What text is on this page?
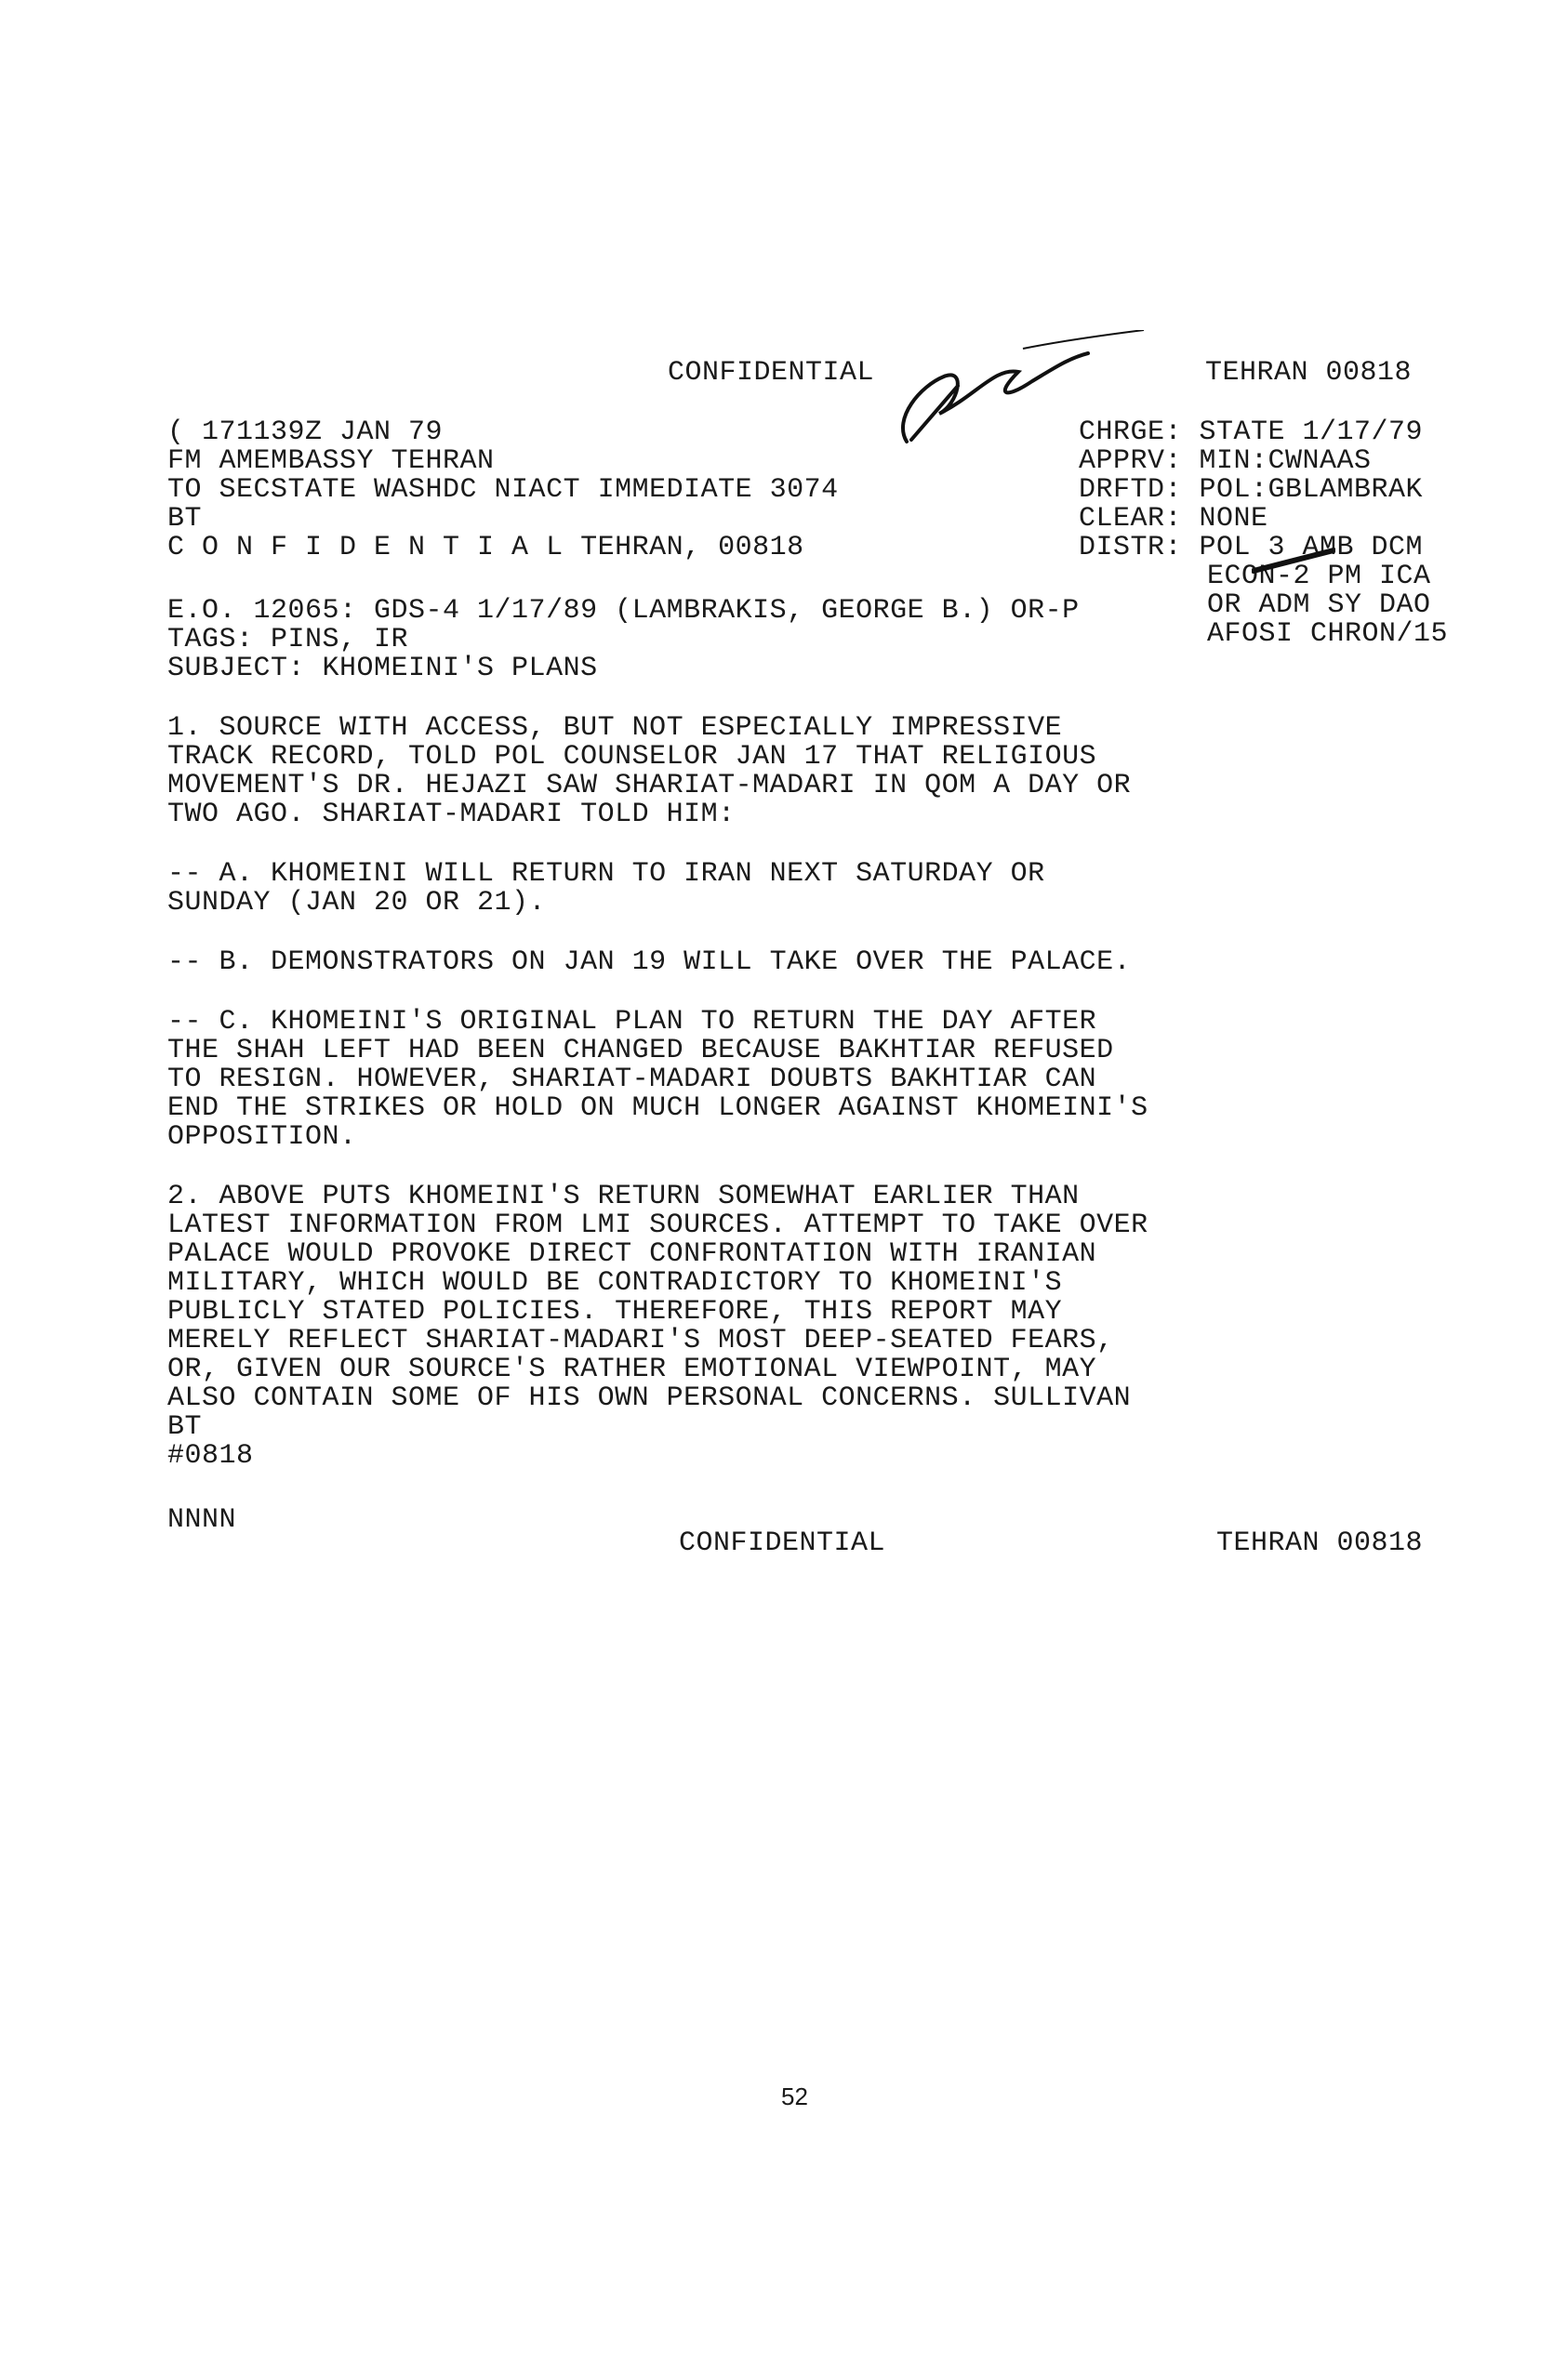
CONFIDENTIAL	TEHRAN 00818
( 171139Z JAN 79
FM AMEMBASSY TEHRAN
TO SECSTATE WASHDC NIACT IMMEDIATE 3074
BT
C O N F I D E N T I A L TEHRAN, 00818
CHRGE: STATE 1/17/79
APPRV: MIN:CWNAAS
DRFTD: POL:GBLAMBRAK
CLEAR: NONE
DISTR: POL 3 AMB DCM
ECON-2 PM ICA
OR ADM SY DAO
AFOSI CHRON/15
E.O. 12065: GDS-4 1/17/89 (LAMBRAKIS, GEORGE B.) OR-P
TAGS: PINS, IR
SUBJECT: KHOMEINI'S PLANS
1. SOURCE WITH ACCESS, BUT NOT ESPECIALLY IMPRESSIVE
TRACK RECORD, TOLD POL COUNSELOR JAN 17 THAT RELIGIOUS
MOVEMENT'S DR. HEJAZI SAW SHARIAT-MADARI IN QOM A DAY OR
TWO AGO. SHARIAT-MADARI TOLD HIM:
-- A. KHOMEINI WILL RETURN TO IRAN NEXT SATURDAY OR
SUNDAY (JAN 20 OR 21).
-- B. DEMONSTRATORS ON JAN 19 WILL TAKE OVER THE PALACE.
-- C. KHOMEINI'S ORIGINAL PLAN TO RETURN THE DAY AFTER
THE SHAH LEFT HAD BEEN CHANGED BECAUSE BAKHTIAR REFUSED
TO RESIGN. HOWEVER, SHARIAT-MADARI DOUBTS BAKHTIAR CAN
END THE STRIKES OR HOLD ON MUCH LONGER AGAINST KHOMEINI'S
OPPOSITION.
2. ABOVE PUTS KHOMEINI'S RETURN SOMEWHAT EARLIER THAN
LATEST INFORMATION FROM LMI SOURCES. ATTEMPT TO TAKE OVER
PALACE WOULD PROVOKE DIRECT CONFRONTATION WITH IRANIAN
MILITARY, WHICH WOULD BE CONTRADICTORY TO KHOMEINI'S
PUBLICLY STATED POLICIES. THEREFORE, THIS REPORT MAY
MERELY REFLECT SHARIAT-MADARI'S MOST DEEP-SEATED FEARS,
OR, GIVEN OUR SOURCE'S RATHER EMOTIONAL VIEWPOINT, MAY
ALSO CONTAIN SOME OF HIS OWN PERSONAL CONCERNS. SULLIVAN
BT
#0818
NNNN
CONFIDENTIAL	TEHRAN 00818
52
